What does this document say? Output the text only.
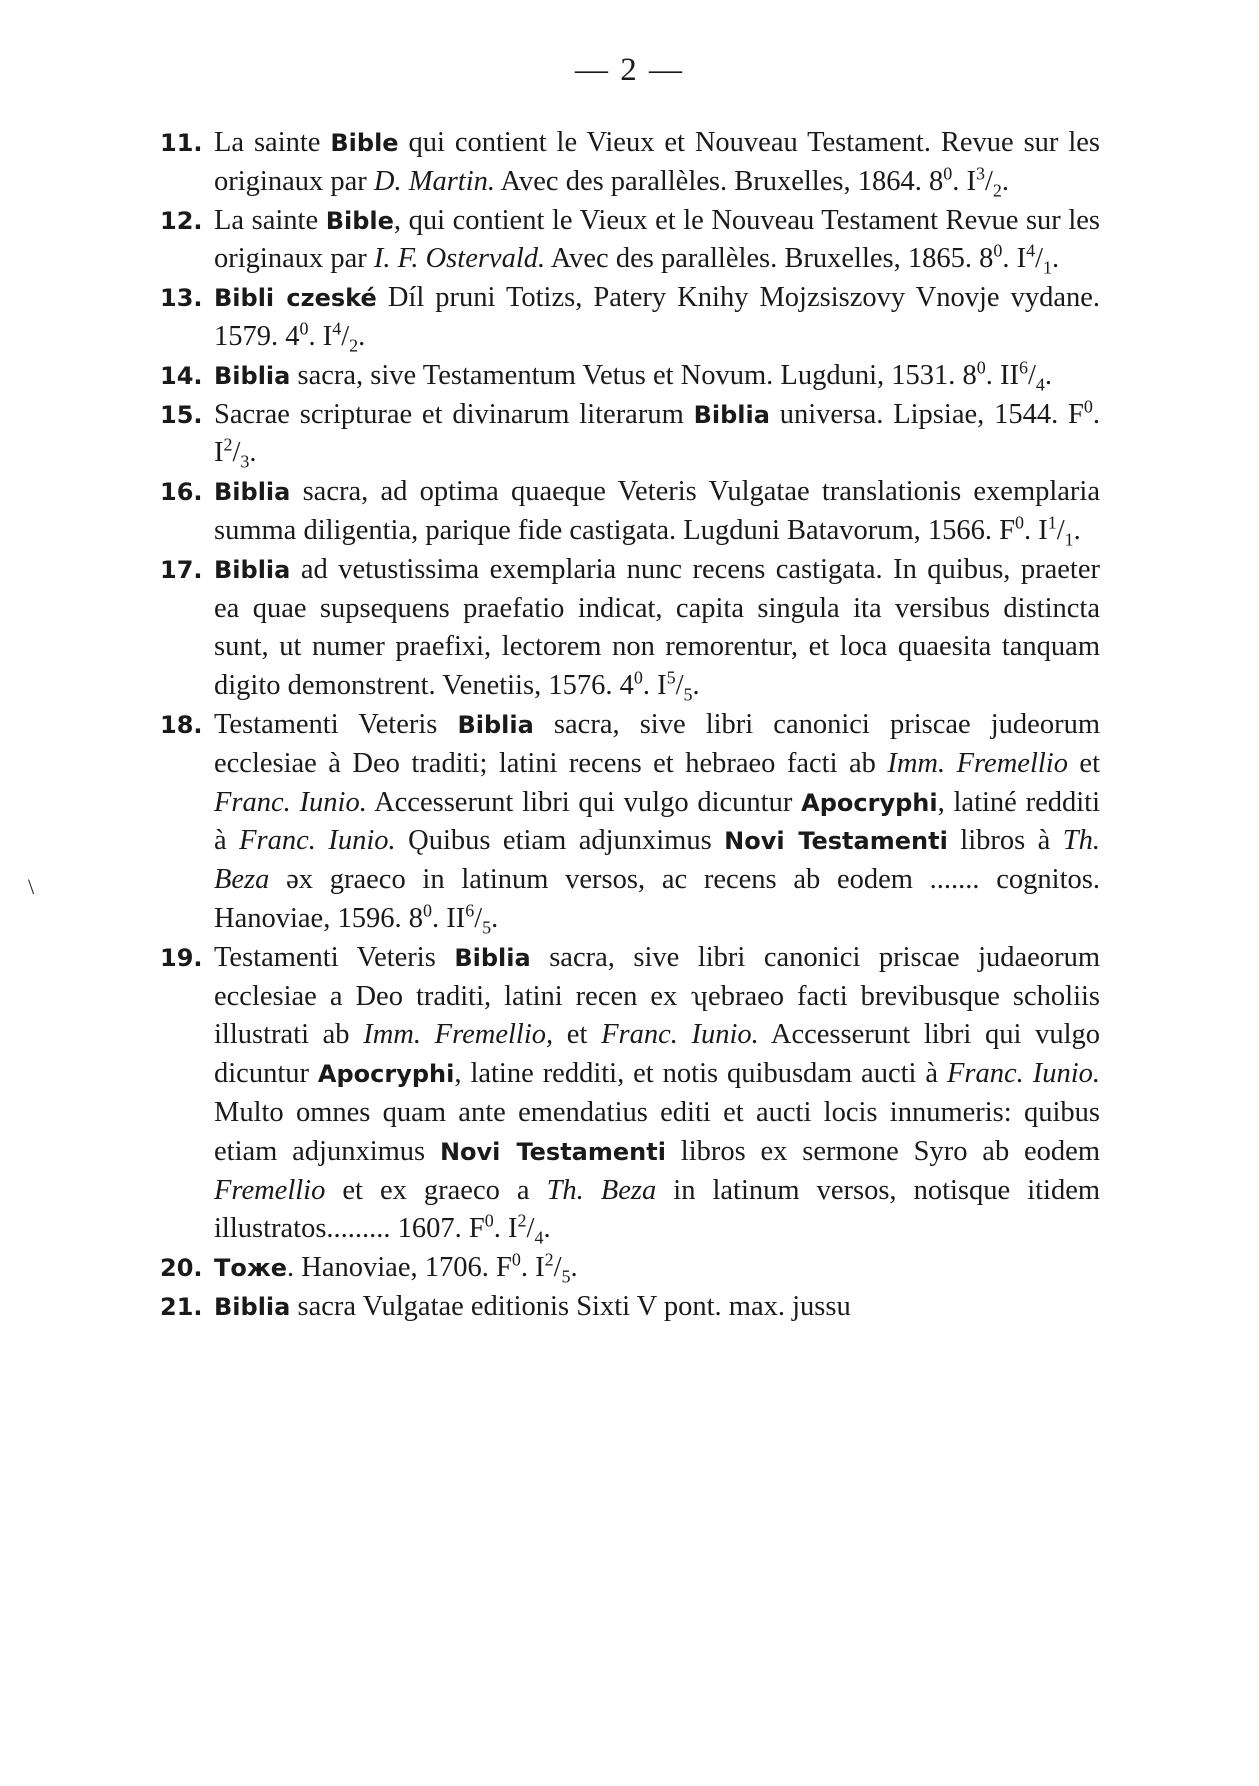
— 2 —
11. La sainte Bible qui contient le Vieux et Nouveau Testament. Revue sur les originaux par D. Martin. Avec des parallèles. Bruxelles, 1864. $8^0$. $I^3/_2$.
12. La sainte Bible, qui contient le Vieux et le Nouveau Testament Revue sur les originaux par I. F. Ostervald. Avec des parallèles. Bruxelles, 1865. $8^0$. $I^4/_1$.
13. Bibli czeské Díl pruni Totizs, Patery Knihy Mojzsiszovy Vnovje vydane. 1579. $4^0$. $I^4/_2$.
14. Biblia sacra, sive Testamentum Vetus et Novum. Lugduni, 1531. $8^0$. $II^6/_4$.
15. Sacrae scripturae et divinarum literarum Biblia universa. Lipsiae, 1544. $F^0$. $I^2/_3$.
16. Biblia sacra, ad optima quaeque Veteris Vulgatae translationis exemplaria summa diligentia, parique fide castigata. Lugduni Batavorum, 1566. $F^0$. $I^1/_1$.
17. Biblia ad vetustissima exemplaria nunc recens castigata. In quibus, praeter ea quae supsequens praefatio indicat, capita singula ita versibus distincta sunt, ut numer praefixi, lectorem non remorentur, et loca quaesita tanquam digito demonstrent. Venetiis, 1576. $4^0$. $I^5/_5$.
18. Testamenti Veteris Biblia sacra, sive libri canonici priscae judeorum ecclesiae à Deo traditi; latini recens et hebraeo facti ab Imm. Fremellio et Franc. Iunio. Accesserunt libri qui vulgo dicuntur Apocryphi, latiné redditi à Franc. Iunio. Ǫuibus etiam adjunximus Novi Testamenti libros à Th. Beza əx graeco in latinum versos, ac recens ab eodem ....... cognitos. Hanoviae, 1596. $8^0$. $II^6/_5$.
19. Testamenti Veteris Biblia sacra, sive libri canonici priscae judaeorum ecclesiae a Deo traditi, latini recen ex ʮebraeo facti brevibusque scholiis illustrati ab Imm. Fremellio, et Franc. Iunio. Accesserunt libri qui vulgo dicuntur Apocryphi, latine redditi, et notis quibusdam aucti à Franc. Iunio. Multo omnes quam ante emendatius editi et aucti locis innumeris: quibus etiam adjunximus Novi Testamenti libros ex sermone Syro ab eodem Fremellio et ex graeco a Th. Beza in latinum versos, notisque itidem illustratos......... 1607. $F^0$. $I^2/_4$.
20. Тоже. Hanoviae, 1706. $F^0$. $I^2/_5$.
21. Biblia sacra Vulgatae editionis Sixti V pont. max. jussu
\
